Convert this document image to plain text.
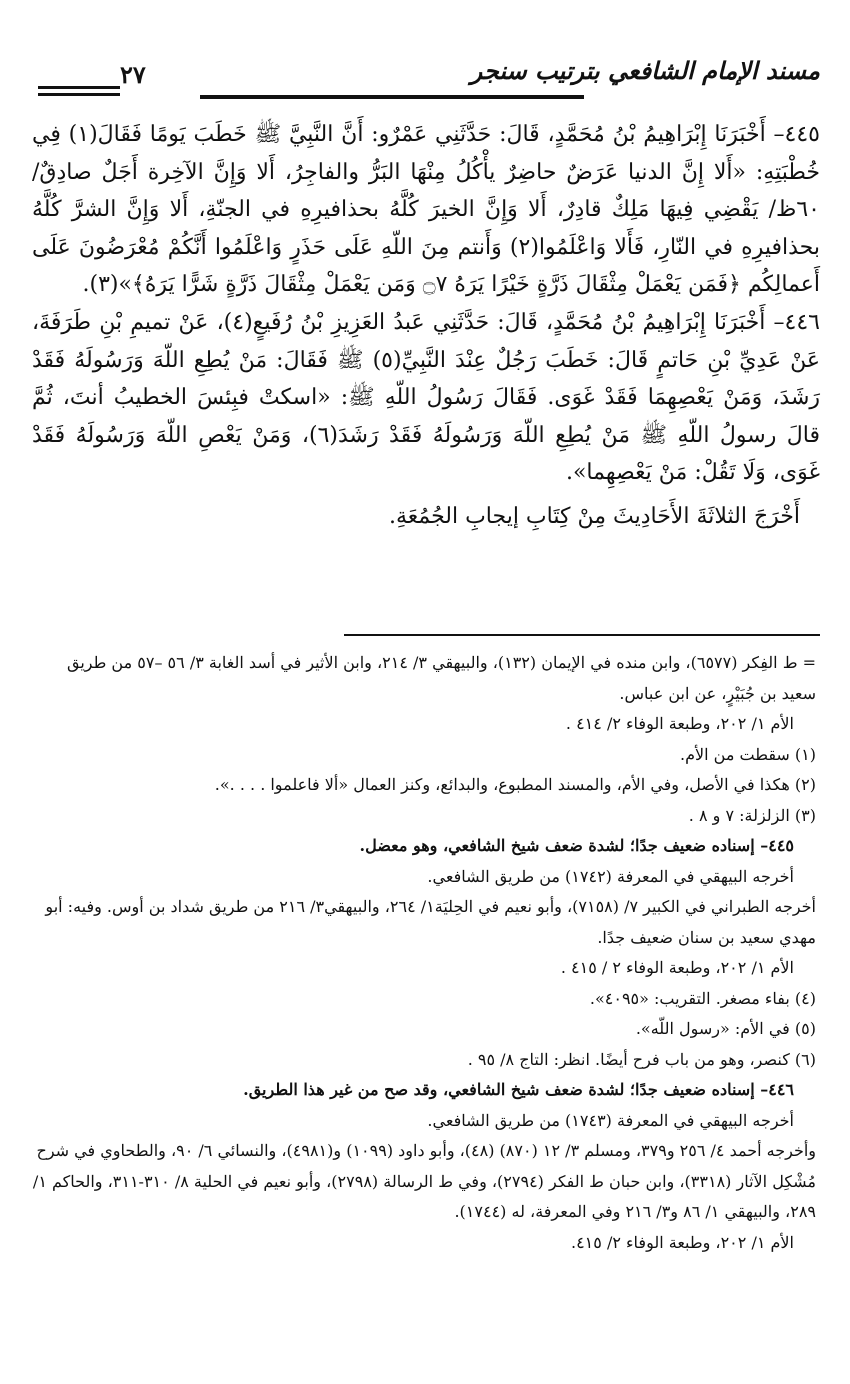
مسند الإمام الشافعي بترتيب سنجر
٢٧

٤٤٥– أَخْبَرَنَا إِبْرَاهِيمُ بْنُ مُحَمَّدٍ، قَالَ: حَدَّثَنِي عَمْرٌو: أَنَّ النَّبِيَّ ﷺ خَطَبَ يَومًا فَقَالَ(١) فِي خُطْبَتِهِ: «أَلا إِنَّ الدنيا عَرَضٌ حاضِرٌ يأْكُلُ مِنْهَا البَرُّ والفاجِرُ، أَلا وَإِنَّ الآخِرة أَجَلٌ صادِقٌ/ ٦٠ظ/ يَقْضِي فِيهَا مَلِكٌ قادِرٌ، أَلا وَإِنَّ الخيرَ كُلَّهُ بحذافيرِهِ في الجنّةِ، أَلا وَإِنَّ الشرَّ كُلَّهُ بحذافيرِهِ في النّارِ، فَأَلا وَاعْلَمُوا(٢) وَأَنتم مِنَ اللّهِ عَلَى حَذَرٍ وَاعْلَمُوا أَنَّكُمْ مُعْرَضُونَ عَلَى أَعمالِكُم ﴿فَمَن يَعْمَلْ مِثْقَالَ ذَرَّةٍ خَيْرًا يَرَهُ ۝٧ وَمَن يَعْمَلْ مِثْقَالَ ذَرَّةٍ شَرًّا يَرَهُ﴾»(٣).

٤٤٦– أَخْبَرَنَا إِبْرَاهِيمُ بْنُ مُحَمَّدٍ، قَالَ: حَدَّثَنِي عَبدُ العَزِيزِ بْنُ رُفَيعٍ(٤)، عَنْ تميمِ بْنِ طَرَفَةَ، عَنْ عَدِيِّ بْنِ حَاتمٍ قَالَ: خَطَبَ رَجُلٌ عِنْدَ النَّبِيِّ(٥) ﷺ فَقَالَ: مَنْ يُطِعِ اللّهَ وَرَسُولَهُ فَقَدْ رَشَدَ، وَمَنْ يَعْصِهِمَا فَقَدْ غَوَى. فَقَالَ رَسُولُ اللّهِ ﷺ: «اسكتْ فبِئسَ الخطيبُ أنتَ، ثُمَّ قالَ رسولُ اللّهِ ﷺ مَنْ يُطِعِ اللّهَ وَرَسُولَهُ فَقَدْ رَشَدَ(٦)، وَمَنْ يَعْصِ اللّهَ وَرَسُولَهُ فَقَدْ غَوَى، وَلَا تَقُلْ: مَنْ يَعْصِهِما».

أَخْرَجَ الثلاثَةَ الأَحَادِيثَ مِنْ كِتَابِ إيجابِ الجُمُعَةِ.

= ط الفِكر (٦٥٧٧)، وابن منده في الإيمان (١٣٢)، والبيهقي ٣/ ٢١٤، وابن الأثير في أسد الغابة ٣/ ٥٦ –٥٧ من طريق سعيد بن جُبَيْرٍ، عن ابن عباس.

الأم ١/ ٢٠٢، وطبعة الوفاء ٢/ ٤١٤ .

(١) سقطت من الأم.

(٢) هكذا في الأصل، وفي الأم، والمسند المطبوع، والبدائع، وكنز العمال «ألا فاعلموا . . . .».

(٣) الزلزلة: ٧ و ٨ .

٤٤٥– إسناده ضعيف جدًا؛ لشدة ضعف شيخ الشافعي، وهو معضل.

أخرجه البيهقي في المعرفة (١٧٤٢) من طريق الشافعي.

أخرجه الطبراني في الكبير ٧/ (٧١٥٨)، وأبو نعيم في الحِليَة١/ ٢٦٤، والبيهقي٣/ ٢١٦ من طريق شداد بن أوس. وفيه: أبو مهدي سعيد بن سنان ضعيف جدًا.

الأم ١/ ٢٠٢، وطبعة الوفاء ٢ / ٤١٥ .

(٤) بفاء مصغر. التقريب: «٤٠٩٥».

(٥) في الأم: «رسول اللّه».

(٦) كنصر، وهو من باب فرح أيضًا. انظر: التاج ٨/ ٩٥ .

٤٤٦– إسناده ضعيف جدًا؛ لشدة ضعف شيخ الشافعي، وقد صح من غير هذا الطريق.

أخرجه البيهقي في المعرفة (١٧٤٣) من طريق الشافعي.

وأخرجه أحمد ٤/ ٢٥٦ و٣٧٩، ومسلم ٣/ ١٢ (٨٧٠) (٤٨)، وأبو داود (١٠٩٩) و(٤٩٨١)، والنسائي ٦/ ٩٠، والطحاوي في شرح مُشْكِل الآثار (٣٣١٨)، وابن حبان ط الفكر (٢٧٩٤)، وفي ط الرسالة (٢٧٩٨)، وأبو نعيم في الحلية ٨/ ٣١٠-٣١١، والحاكم ١/ ٢٨٩، والبيهقي ١/ ٨٦ و٣/ ٢١٦ وفي المعرفة، له (١٧٤٤).

الأم ١/ ٢٠٢، وطبعة الوفاء ٢/ ٤١٥.
